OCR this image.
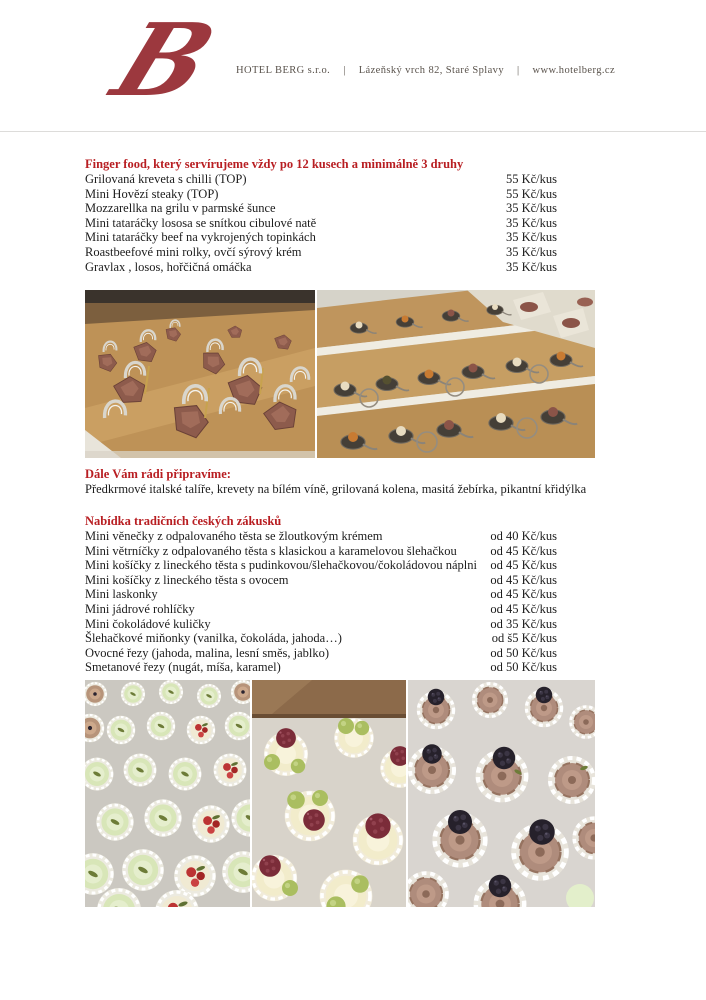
B HOTEL BERG s.r.o. | Lázeňský vrch 82, Staré Splavy | www.hotelberg.cz
Finger food, který servírujeme vždy po 12 kusech a minimálně 3 druhy
Grilovaná kreveta s chilli (TOP)	55 Kč/kus
Mini Hovězí steaky (TOP)	55 Kč/kus
Mozzarellka na grilu v parmské šunce	35 Kč/kus
Mini tataráčky lososa se snítkou cibulové natě	35 Kč/kus
Mini tataráčky beef na vykrojených topinkách	35 Kč/kus
Roastbeefové mini rolky, ovčí sýrový krém	35 Kč/kus
Gravlax , losos, hořčičná omáčka	35 Kč/kus
Dále Vám rádi připravíme:
Předkrmové italské talíře, krevety na bílém víně, grilovaná kolena, masitá žebírka, pikantní křidýlka
Nabídka tradičních českých zákusků
Mini věnečky z odpalovaného těsta se žloutkovým krémem	od 40 Kč/kus
Mini větrníčky z odpalovaného těsta s klasickou a karamelovou šlehačkou	od 45 Kč/kus
Mini košíčky z lineckého těsta s pudinkovou/šlehačkovou/čokoládovou náplni	od 45 Kč/kus
Mini košíčky z lineckého těsta s ovocem	od 45 Kč/kus
Mini laskonky	od 45 Kč/kus
Mini jádrové rohlíčky	od 45 Kč/kus
Mini čokoládové kuličky	od 35 Kč/kus
Šlehačkové miňonky (vanilka, čokoláda, jahoda…)	od š5 Kč/kus
Ovocné řezy (jahoda, malina, lesní směs, jablko)	od 50 Kč/kus
Smetanové řezy (nugát, míša, karamel)	od 50 Kč/kus
